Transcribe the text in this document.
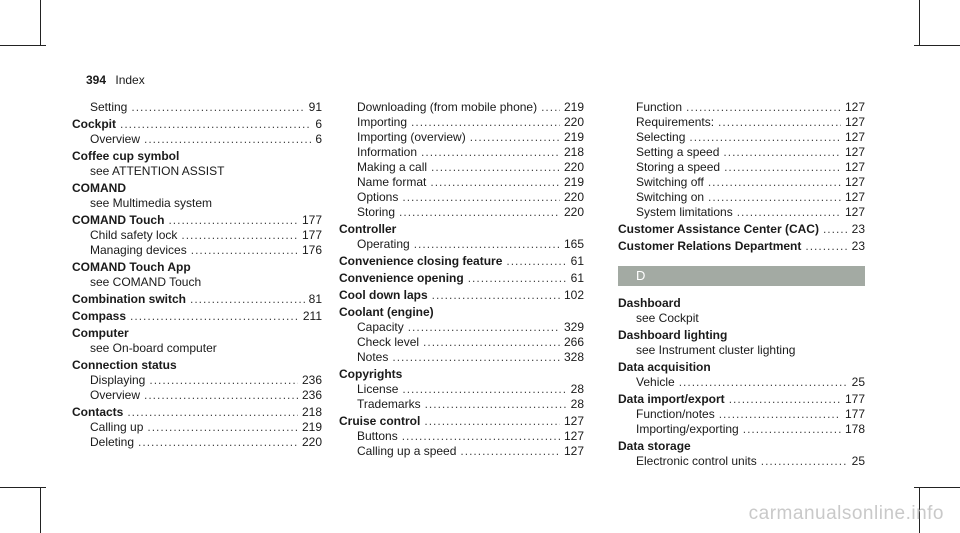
394 Index
Setting .....	91
Cockpit .....	6
Overview .....	6
Coffee cup symbol
see ATTENTION ASSIST
COMAND
see Multimedia system
COMAND Touch .....	177
Child safety lock .....	177
Managing devices .....	176
COMAND Touch App
see COMAND Touch
Combination switch .....	81
Compass .....	211
Computer
see On-board computer
Connection status
Displaying .....	236
Overview .....	236
Contacts .....	218
Calling up .....	219
Deleting .....	220
Downloading (from mobile phone) ..... 219
Importing .....	220
Importing (overview) .....	219
Information .....	218
Making a call .....	220
Name format .....	219
Options .....	220
Storing .....	220
Controller
Operating .....	165
Convenience closing feature .....	61
Convenience opening .....	61
Cool down laps .....	102
Coolant (engine)
Capacity .....	329
Check level .....	266
Notes .....	328
Copyrights
License .....	28
Trademarks .....	28
Cruise control .....	127
Buttons .....	127
Calling up a speed .....	127
Function .....	127
Requirements: .....	127
Selecting .....	127
Setting a speed .....	127
Storing a speed .....	127
Switching off .....	127
Switching on .....	127
System limitations .....	127
Customer Assistance Center (CAC) .....	23
Customer Relations Department .....	23
D
Dashboard
see Cockpit
Dashboard lighting
see Instrument cluster lighting
Data acquisition
Vehicle .....	25
Data import/export .....	177
Function/notes .....	177
Importing/exporting .....	178
Data storage
Electronic control units .....	25
carmanualsonline.info
